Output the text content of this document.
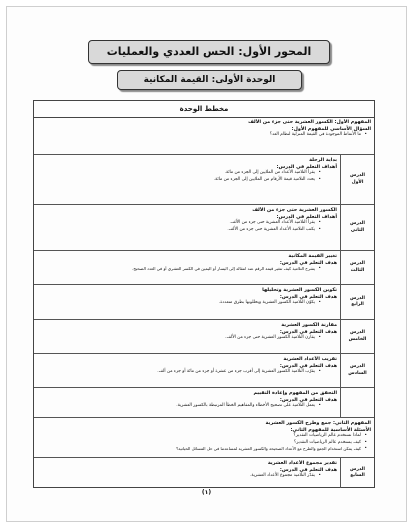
المحور الأول: الحس العددي والعمليات
الوحدة الأولى: القيمة المكانية
مخطط الوحدة
المفهوم الأول: الكسور العشرية حتى جزء من الألف
السؤال الأساسي للمفهوم الأول:
• ما الأنماط الموجودة في القيمة المنزلية لنظام العد؟
الدرس
الأول
بداية الرحلة
أهداف التعلم في الدرس:
• يقرأ التلاميذ الأعداد من الملايين إلى الجزء من مائة.
• يحدد التلاميذ قيمة الأرقام من الملايين إلى الجزء من مائة.
الدرس
الثاني
الكسور العشرية حتى جزء من الألف
أهداف التعلم في الدرس:
• يقرأ التلاميذ الأعداد العشرية حتى جزء من الألف.
• يكتب التلاميذ الأعداد العشرية حتى جزء من الألف.
الدرس
الثالث
تغيير القيمة المكانية
هدف التعلم في الدرس:
• يشرح التلاميذ كيف تتغير قيمة الرقم عند انتقاله إلى اليسار أو اليمين في الكسر العشري أو في العدد الصحيح.
الدرس
الرابع
تكوين الكسور العشرية وتحليلها
هدف التعلم في الدرس:
• يكوّن التلاميذ الكسور العشرية ويحللونها بطرق متعددة.
الدرس
الخامس
مقارنة الكسور العشرية
هدف التعلم في الدرس:
• يقارن التلاميذ الكسور العشرية حتى جزء من الألف.
الدرس
السادس
تقريب الأعداد العشرية
هدف التعلم في الدرس:
• يقرّب التلاميذ الكسور العشرية إلى أقرب جزء من عشرة أو جزء من مائة أو جزء من ألف.
التحقق من المفهوم وإعادة التقييم
هدف التعلم في الدرس:
• يعمل التلاميذ على تصحيح الأخطاء والمفاهيم الخطأ المرتبطة بالكسور العشرية.
المفهوم الثاني: جمع وطرح الكسور العشرية
الأسئلة الأساسية للمفهوم الثاني:
• لماذا نستخدم عالم الرياضيات التقدير؟
• كيف يستخدم عالم الرياضيات التقدير؟
• كيف يمكن استخدام الجمع والطرح مع الأعداد الصحيحة والكسور العشرية لمساعدتنا في حل المسائل الحياتية؟
الدرس
السابع
تقدير مجموع الأعداد العشرية
هدف التعلم في الدرس:
• يقدّر التلاميذ مجموع الأعداد العشرية.
(١)
